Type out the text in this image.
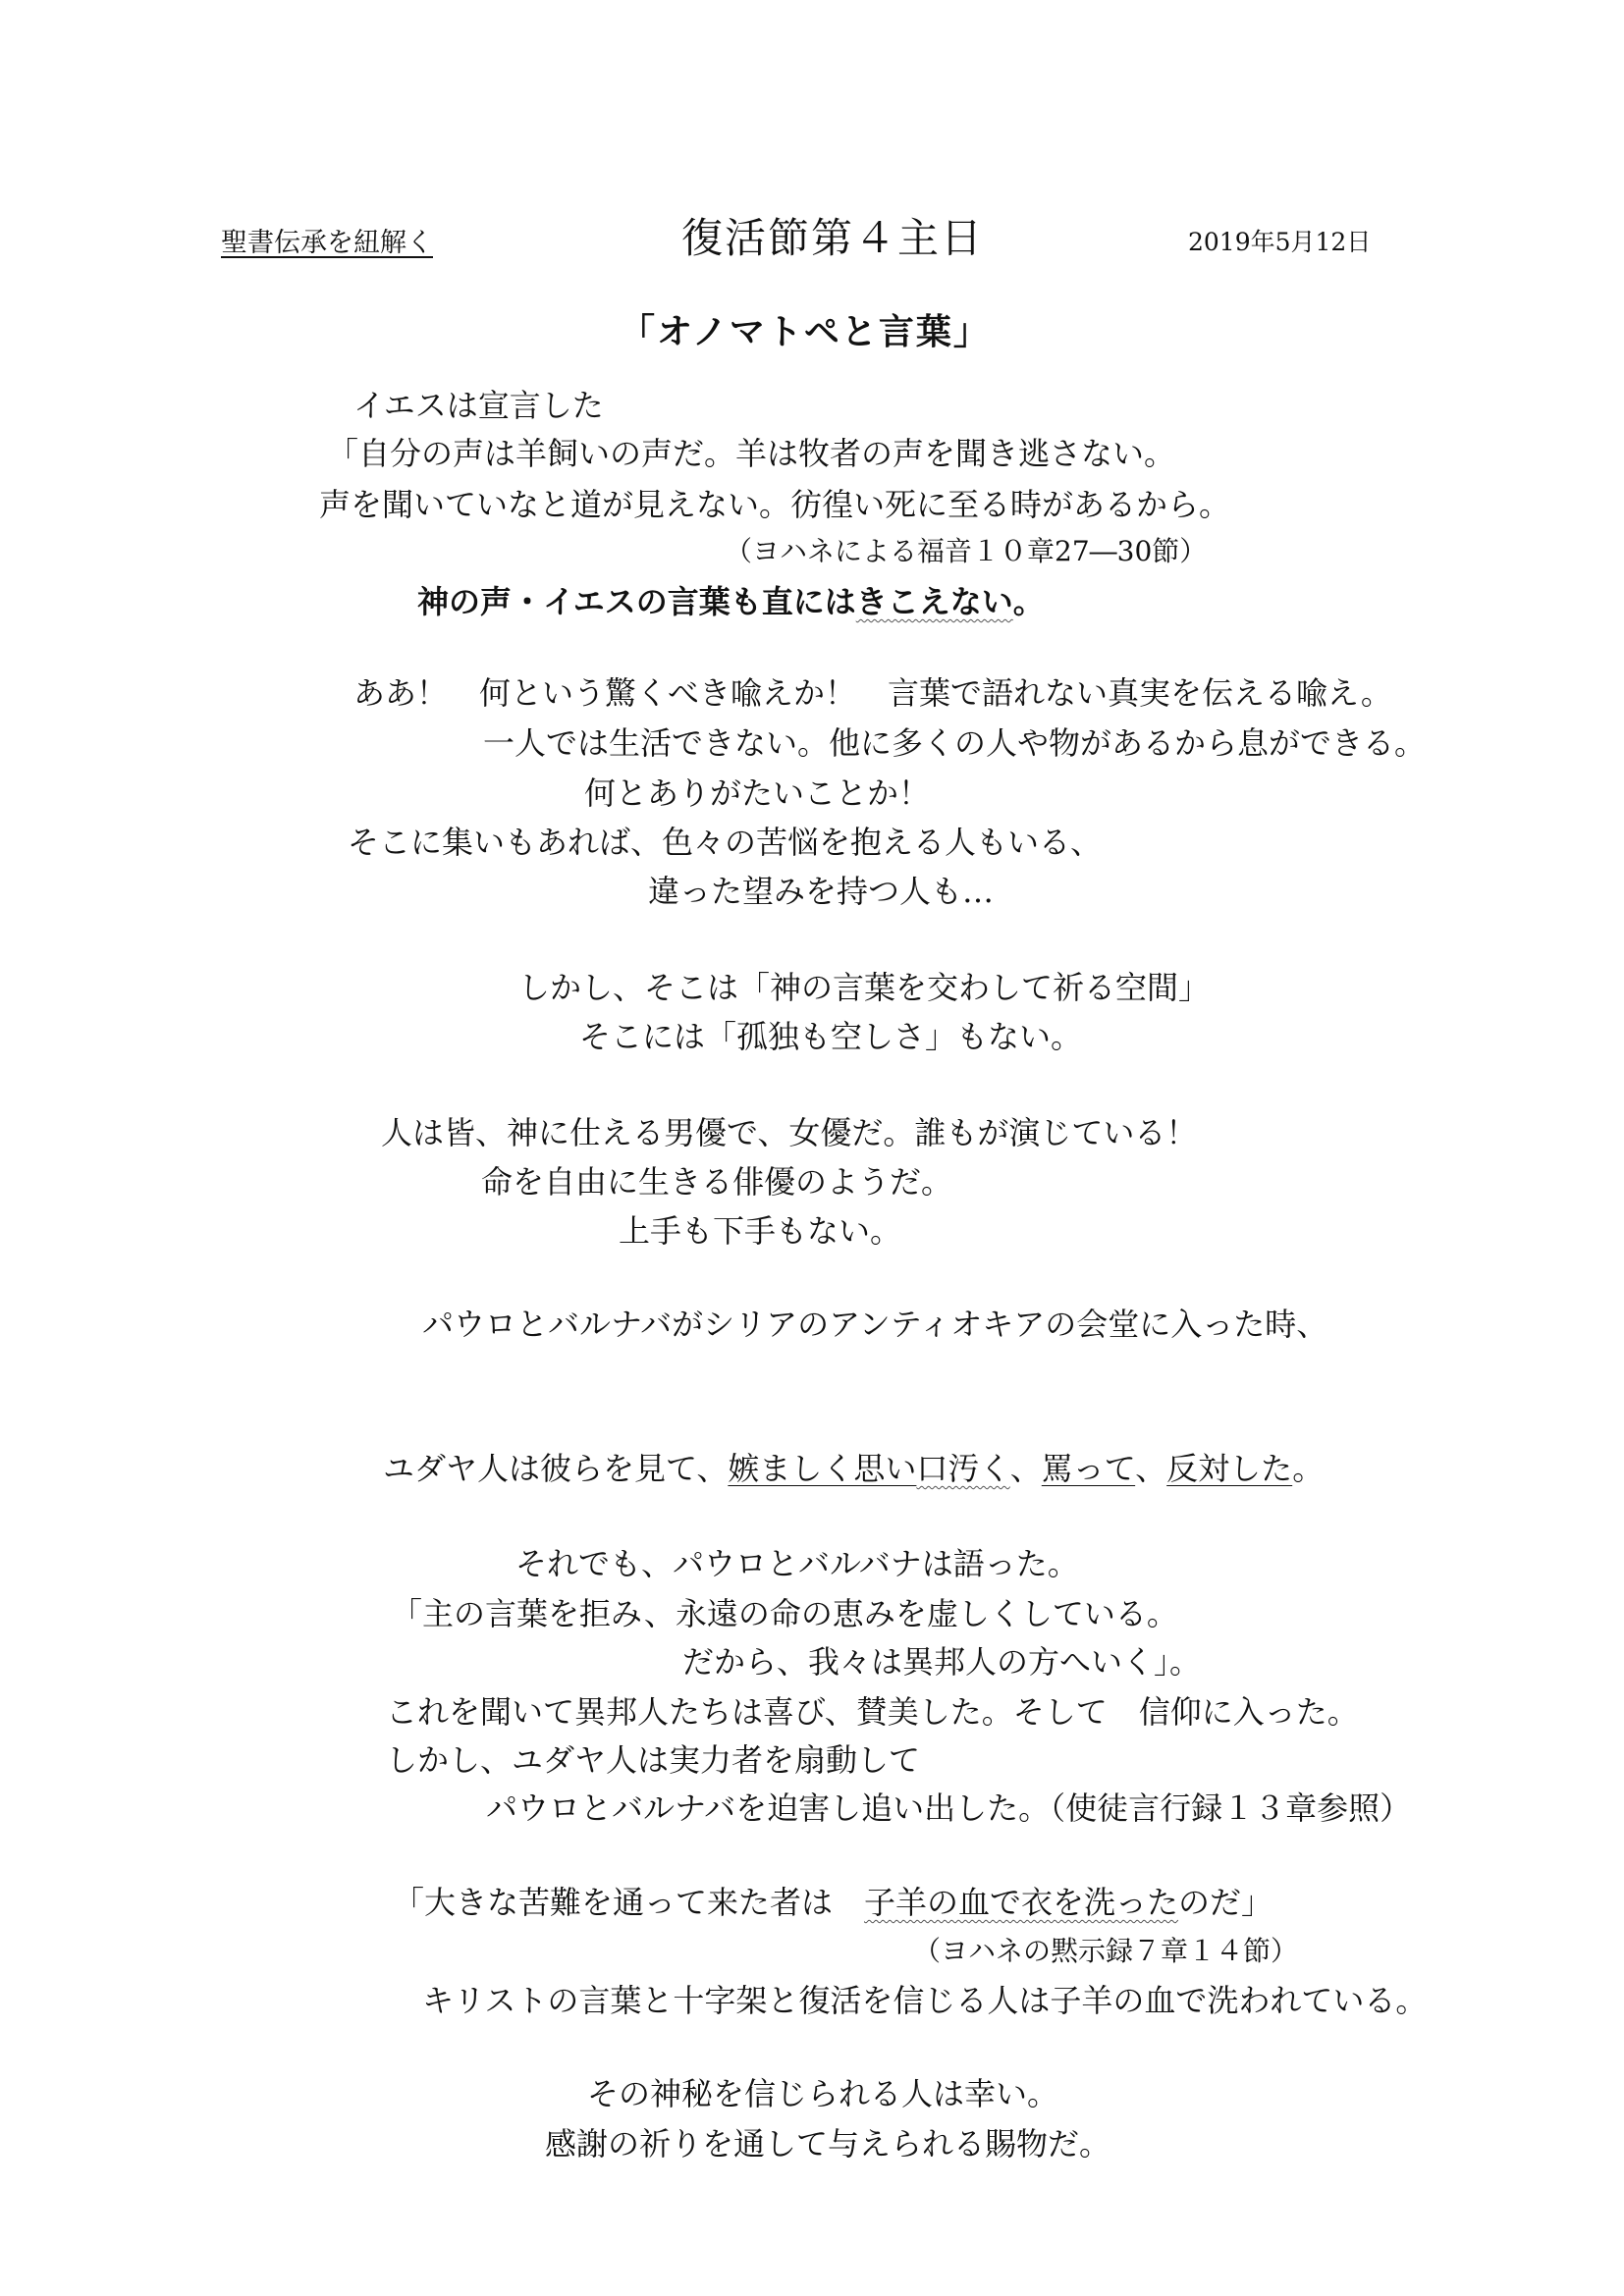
聖書伝承を紐解く	復活節第４主日	2019年5月12日
「オノマトペと言葉」
イエスは宣言した
「自分の声は羊飼いの声だ。羊は牧者の声を聞き逃さない。
声を聞いていなと道が見えない。彷徨い死に至る時があるから。
（ヨハネによる福音１０章27―30節）
神の声・イエスの言葉も直にはきこえない。
ああ！　何という驚くべき喩えか！　言葉で語れない真実を伝える喩え。
一人では生活できない。他に多くの人や物があるから息ができる。
何とありがたいことか！
そこに集いもあれば、色々の苦悩を抱える人もいる、
違った望みを持つ人も…
しかし、そこは「神の言葉を交わして祈る空間」
そこには「孤独も空しさ」もない。
人は皆、神に仕える男優で、女優だ。誰もが演じている！
命を自由に生きる俳優のようだ。
上手も下手もない。
パウロとバルナバがシリアのアンティオキアの会堂に入った時、
ユダヤ人は彼らを見て、嫉ましく思い口汚く、罵って、反対した。
それでも、パウロとバルバナは語った。
「主の言葉を拒み、永遠の命の恵みを虚しくしている。
だから、我々は異邦人の方へいく」。
これを聞いて異邦人たちは喜び、賛美した。そして　信仰に入った。
しかし、ユダヤ人は実力者を扇動して
パウロとバルナバを迫害し追い出した。（使徒言行録１３章参照）
「大きな苦難を通って来た者は　子羊の血で衣を洗ったのだ」
（ヨハネの黙示録７章１４節）
キリストの言葉と十字架と復活を信じる人は子羊の血で洗われている。
その神秘を信じられる人は幸い。
感謝の祈りを通して与えられる賜物だ。
